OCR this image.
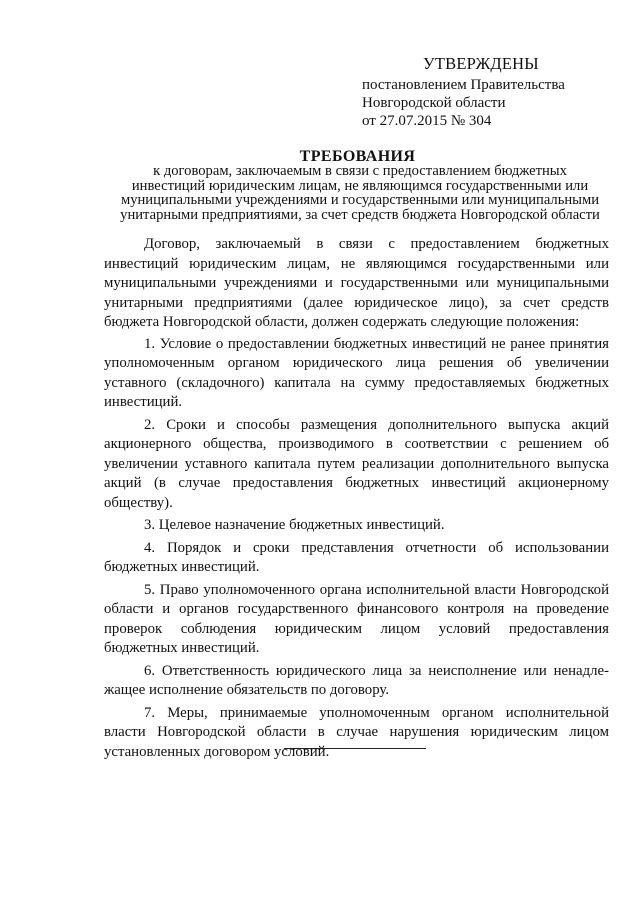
УТВЕРЖДЕНЫ
постановлением Правительства
Новгородской области
от 27.07.2015 № 304
ТРЕБОВАНИЯ
к договорам, заключаемым в связи с предоставлением бюджетных
инвестиций юридическим лицам, не являющимся государственными или
муниципальными учреждениями и государственными или муниципальными
унитарными предприятиями, за счет средств бюджета Новгородской области

Договор, заключаемый в связи с предоставлением бюджетных инвестиций юридическим лицам, не являющимся государственными или муниципальными учреждениями и государственными или муниципальными унитарными предприятиями (далее юридическое лицо), за счет средств бюджета Новгородской области, должен содержать следующие положения:

1. Условие о предоставлении бюджетных инвестиций не ранее принятия уполномоченным органом юридического лица решения об увеличении уставного (складочного) капитала на сумму предоставляемых бюджетных инвестиций.

2. Сроки и способы размещения дополнительного выпуска акций акционерного общества, производимого в соответствии с решением об увеличении уставного капитала путем реализации дополнительного выпуска акций (в случае предоставления бюджетных инвестиций акционерному обществу).

3. Целевое назначение бюджетных инвестиций.

4. Порядок и сроки представления отчетности об использовании бюджетных инвестиций.

5. Право уполномоченного органа исполнительной власти Новгородской области и органов государственного финансового контроля на проведение проверок соблюдения юридическим лицом условий предоставления бюджетных инвестиций.

6. Ответственность юридического лица за неисполнение или ненадле-жащее исполнение обязательств по договору.

7. Меры, принимаемые уполномоченным органом исполнительной власти Новгородской области в случае нарушения юридическим лицом установленных договором условий.
